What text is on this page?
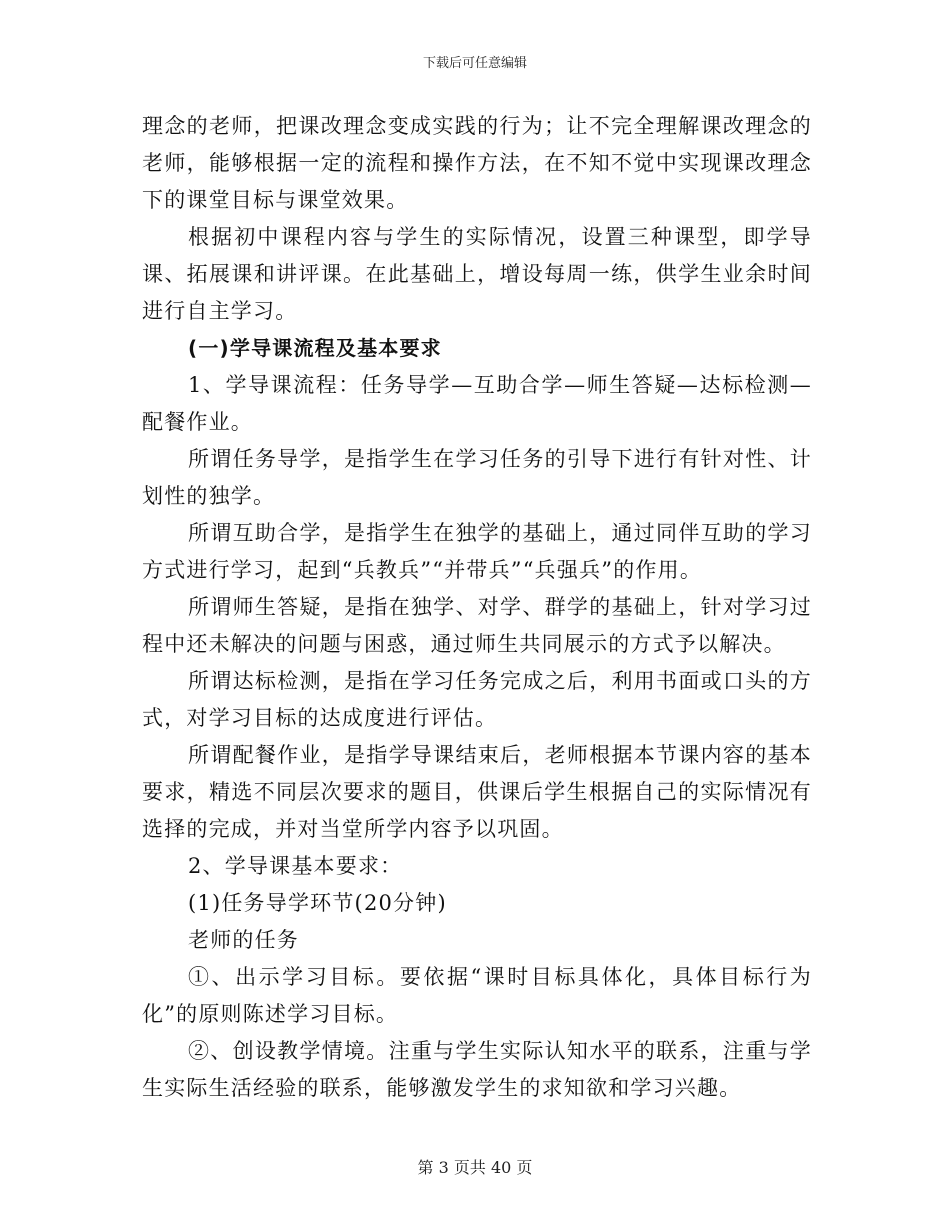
下载后可任意编辑

理念的老师，把课改理念变成实践的行为；让不完全理解课改理念的老师，能够根据一定的流程和操作方法，在不知不觉中实现课改理念下的课堂目标与课堂效果。

根据初中课程内容与学生的实际情况，设置三种课型，即学导课、拓展课和讲评课。在此基础上，增设每周一练，供学生业余时间进行自主学习。

(一)学导课流程及基本要求

1、学导课流程：任务导学—互助合学—师生答疑—达标检测—配餐作业。

所谓任务导学，是指学生在学习任务的引导下进行有针对性、计划性的独学。

所谓互助合学，是指学生在独学的基础上，通过同伴互助的学习方式进行学习，起到“兵教兵”“并带兵”“兵强兵”的作用。

所谓师生答疑，是指在独学、对学、群学的基础上，针对学习过程中还未解决的问题与困惑，通过师生共同展示的方式予以解决。

所谓达标检测，是指在学习任务完成之后，利用书面或口头的方式，对学习目标的达成度进行评估。

所谓配餐作业，是指学导课结束后，老师根据本节课内容的基本要求，精选不同层次要求的题目，供课后学生根据自己的实际情况有选择的完成，并对当堂所学内容予以巩固。

2、学导课基本要求：

(1)任务导学环节(20分钟)

老师的任务

①、出示学习目标。要依据“课时目标具体化，具体目标行为化”的原则陈述学习目标。

②、创设教学情境。注重与学生实际认知水平的联系，注重与学生实际生活经验的联系，能够激发学生的求知欲和学习兴趣。

第 3 页共 40 页
